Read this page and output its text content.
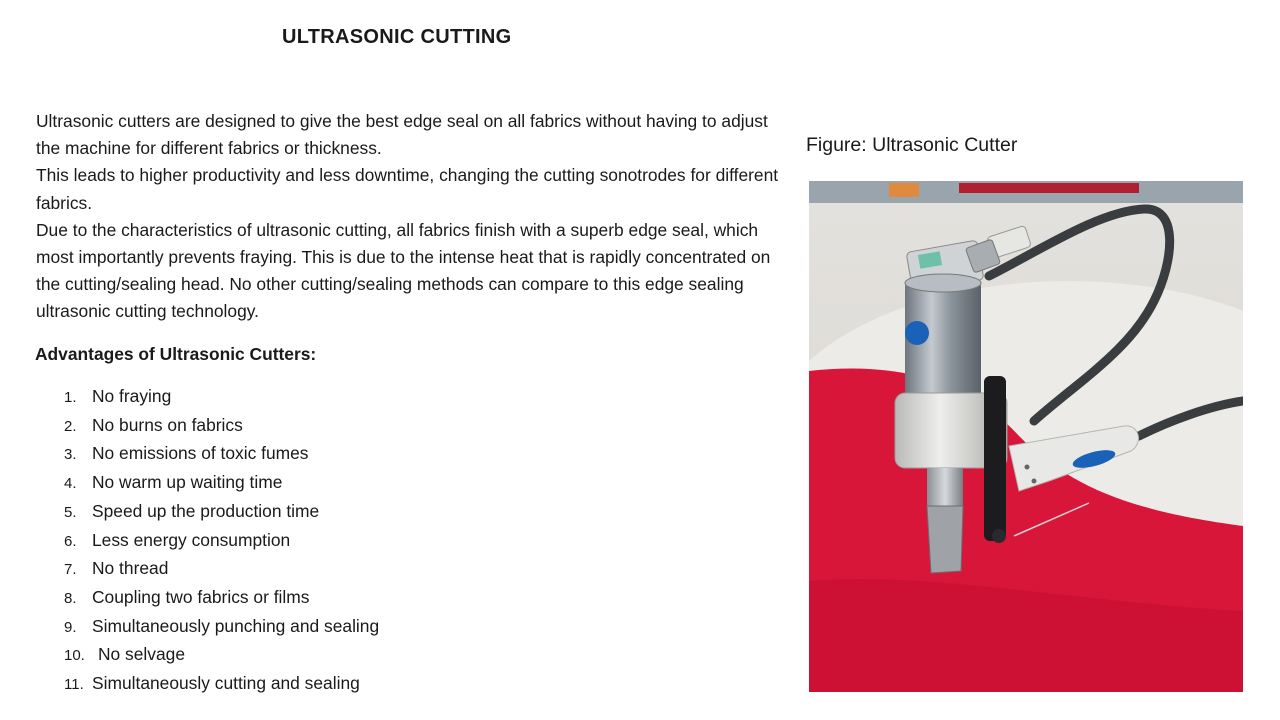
ULTRASONIC CUTTING

Ultrasonic cutters are designed to give the best edge seal on all fabrics without having to adjust the machine for different fabrics or thickness.

This leads to higher productivity and less downtime, changing the cutting sonotrodes for different fabrics.

Due to the characteristics of ultrasonic cutting, all fabrics finish with a superb edge seal, which most importantly prevents fraying. This is due to the intense heat that is rapidly concentrated on the cutting/sealing head. No other cutting/sealing methods can compare to this edge sealing ultrasonic cutting technology.

Advantages of Ultrasonic Cutters:
1. No fraying
2. No burns on fabrics
3. No emissions of toxic fumes
4. No warm up waiting time
5. Speed up the production time
6. Less energy consumption
7. No thread
8. Coupling two fabrics or films
9. Simultaneously punching and sealing
10. No selvage
11. Simultaneously cutting and sealing

Figure: Ultrasonic Cutter
